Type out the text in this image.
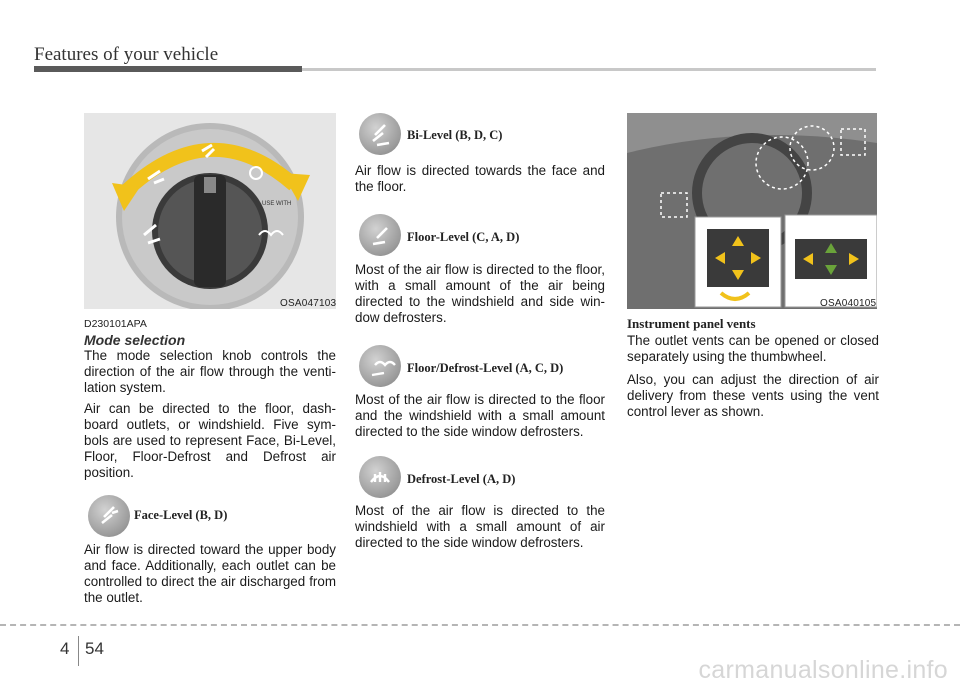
Features of your vehicle
USE WITH
OSA047103
D230101APA
Mode selection

The mode selection knob controls the direction of the air flow through the venti-lation system.

Air can be directed to the floor, dash-board outlets, or windshield. Five sym-bols are used to represent Face, Bi-Level, Floor, Floor-Defrost and Defrost air position.

Face-Level (B, D)

Air flow is directed toward the upper body and face. Additionally, each outlet can be controlled to direct the air discharged from the outlet.

Bi-Level (B, D, C)

Air flow is directed towards the face and the floor.

Floor-Level (C, A, D)

Most of the air flow is directed to the floor, with a small amount of the air being directed to the windshield and side win-dow defrosters.

Floor/Defrost-Level (A, C, D)

Most of the air flow is directed to the floor and the windshield with a small amount directed to the side window defrosters.

Defrost-Level (A, D)

Most of the air flow is directed to the windshield with a small amount of air directed to the side window defrosters.

OSA040105
Instrument panel vents

The outlet vents can be opened or closed separately using the thumbwheel.

Also, you can adjust the direction of air delivery from these vents using the vent control lever as shown.

4 54
carmanualsonline.info
